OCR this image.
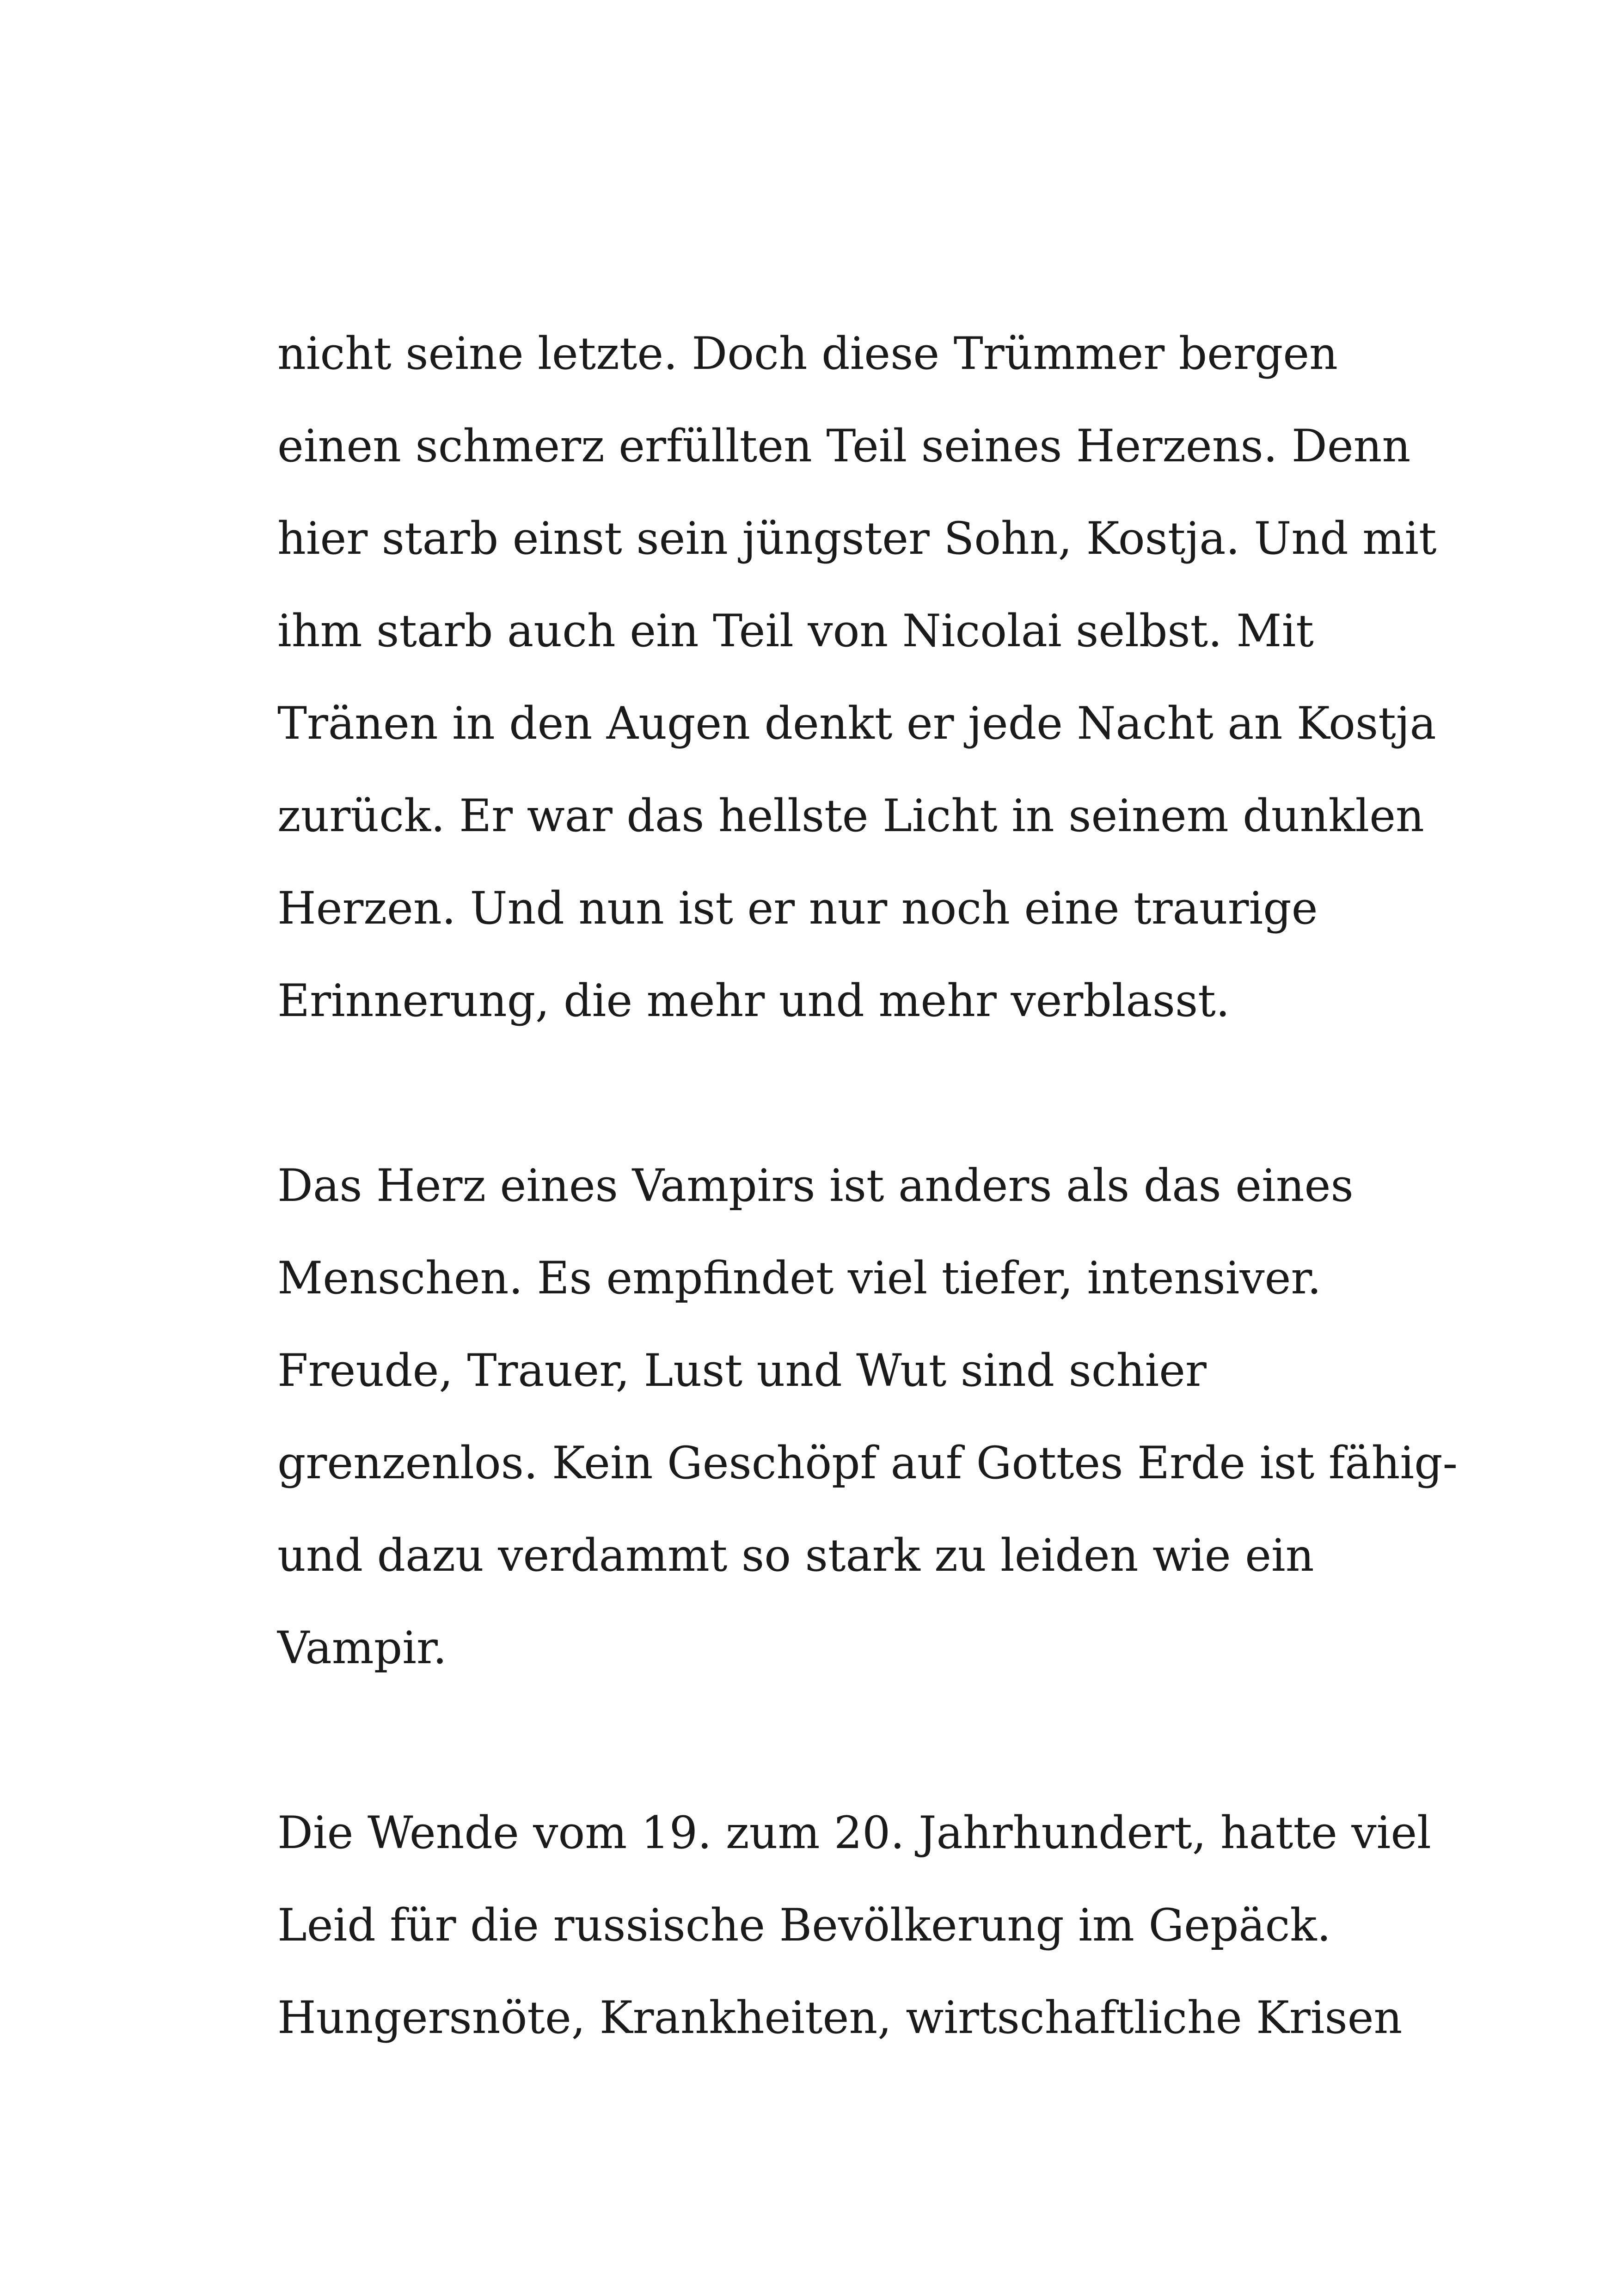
nicht seine letzte. Doch diese Trümmer bergen
einen schmerz erfüllten Teil seines Herzens. Denn
hier starb einst sein jüngster Sohn, Kostja. Und mit
ihm starb auch ein Teil von Nicolai selbst. Mit
Tränen in den Augen denkt er jede Nacht an Kostja
zurück. Er war das hellste Licht in seinem dunklen
Herzen. Und nun ist er nur noch eine traurige
Erinnerung, die mehr und mehr verblasst.
Das Herz eines Vampirs ist anders als das eines
Menschen. Es empfindet viel tiefer, intensiver.
Freude, Trauer, Lust und Wut sind schier
grenzenlos. Kein Geschöpf auf Gottes Erde ist fähig-
und dazu verdammt so stark zu leiden wie ein
Vampir.
Die Wende vom 19. zum 20. Jahrhundert, hatte viel
Leid für die russische Bevölkerung im Gepäck.
Hungersnöte, Krankheiten, wirtschaftliche Krisen
